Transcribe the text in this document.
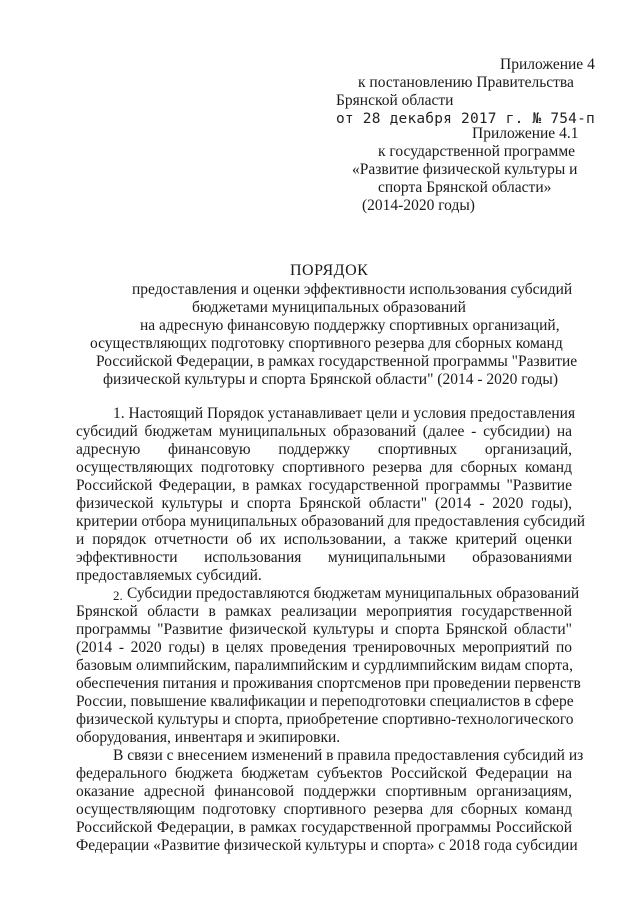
Приложение 4
к постановлению Правительства
Брянской области
от 28 декабря 2017 г. № 754-п
Приложение 4.1
к государственной программе
«Развитие физической культуры и
спорта Брянской области»
(2014-2020 годы)
ПОРЯДОК
предоставления и оценки эффективности использования субсидий
бюджетами муниципальных образований
на адресную финансовую поддержку спортивных организаций,
осуществляющих подготовку спортивного резерва для сборных команд
Российской Федерации, в рамках государственной программы "Развитие
физической культуры и спорта Брянской области" (2014 - 2020 годы)
1. Настоящий Порядок устанавливает цели и условия предоставления
субсидий бюджетам муниципальных образований (далее - субсидии) на
адресную финансовую поддержку спортивных организаций,
осуществляющих подготовку спортивного резерва для сборных команд
Российской Федерации, в рамках государственной программы "Развитие
физической культуры и спорта Брянской области" (2014 - 2020 годы),
критерии отбора муниципальных образований для предоставления субсидий
и порядок отчетности об их использовании, а также критерий оценки
эффективности использования муниципальными образованиями
предоставляемых субсидий.
2. Субсидии предоставляются бюджетам муниципальных образований
Брянской области в рамках реализации мероприятия государственной
программы "Развитие физической культуры и спорта Брянской области"
(2014 - 2020 годы) в целях проведения тренировочных мероприятий по
базовым олимпийским, паралимпийским и сурдлимпийским видам спорта,
обеспечения питания и проживания спортсменов при проведении первенств
России, повышение квалификации и переподготовки специалистов в сфере
физической культуры и спорта, приобретение спортивно-технологического
оборудования, инвентаря и экипировки.
В связи с внесением изменений в правила предоставления субсидий из
федерального бюджета бюджетам субъектов Российской Федерации на
оказание адресной финансовой поддержки спортивным организациям,
осуществляющим подготовку спортивного резерва для сборных команд
Российской Федерации, в рамках государственной программы Российской
Федерации «Развитие физической культуры и спорта» с 2018 года субсидии
